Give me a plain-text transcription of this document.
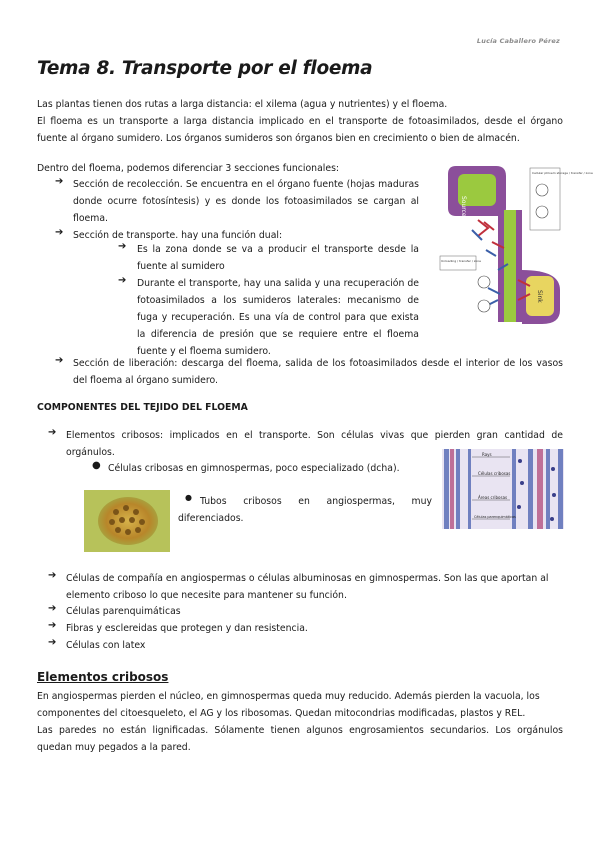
Lucía Caballero Pérez
Tema 8. Transporte por el floema
Las plantas tienen dos rutas a larga distancia: el xilema (agua y nutrientes) y el floema.
El floema es un transporte a larga distancia implicado en el transporte de fotoasimilados, desde el órgano fuente al órgano sumidero. Los órganos sumideros son órganos bien en crecimiento o bien de almacén.
Dentro del floema, podemos diferenciar 3 secciones funcionales:
➔ Sección de recolección. Se encuentra en el órgano fuente (hojas maduras donde ocurre fotosíntesis) y es donde los fotoasimilados se cargan al floema.
➔ Sección de transporte. hay una función dual:
➔ Es la zona donde se va a producir el transporte desde la fuente al sumidero
➔ Durante el transporte, hay una salida y una recuperación de fotoasimilados a los sumideros laterales: mecanismo de fuga y recuperación. Es una vía de control para que exista la diferencia de presión que se requiere entre el floema fuente y el floema sumidero.
➔ Sección de liberación: descarga del floema, salida de los fotoasimilados desde el interior de los vasos del floema al órgano sumidero.
Source
Sink
Cellular phloem storage / transfer / zone
Unloading / transfer / zone
COMPONENTES DEL TEJIDO DEL FLOEMA
➔ Elementos cribosos: implicados en el transporte. Son células vivas que pierden gran cantidad de orgánulos.
● Células cribosas en gimnospermas, poco especializado (dcha).
● Tubos cribosos en angiospermas, muy diferenciados.
Rays
Células cribosas
Áreas cribosas
Células parenquimáticas
➔ Células de compañía en angiospermas o células albuminosas en gimnospermas. Son las que aportan al elemento criboso lo que necesite para mantener su función.
➔ Células parenquimáticas
➔ Fibras y esclereidas que protegen y dan resistencia.
➔ Células con latex
Elementos cribosos
En angiospermas pierden el núcleo, en gimnospermas queda muy reducido. Además pierden la vacuola, los componentes del citoesqueleto, el AG y los ribosomas. Quedan mitocondrias modificadas, plastos y REL.
Las paredes no están lignificadas. Sólamente tienen algunos engrosamientos secundarios. Los orgánulos quedan muy pegados a la pared.
